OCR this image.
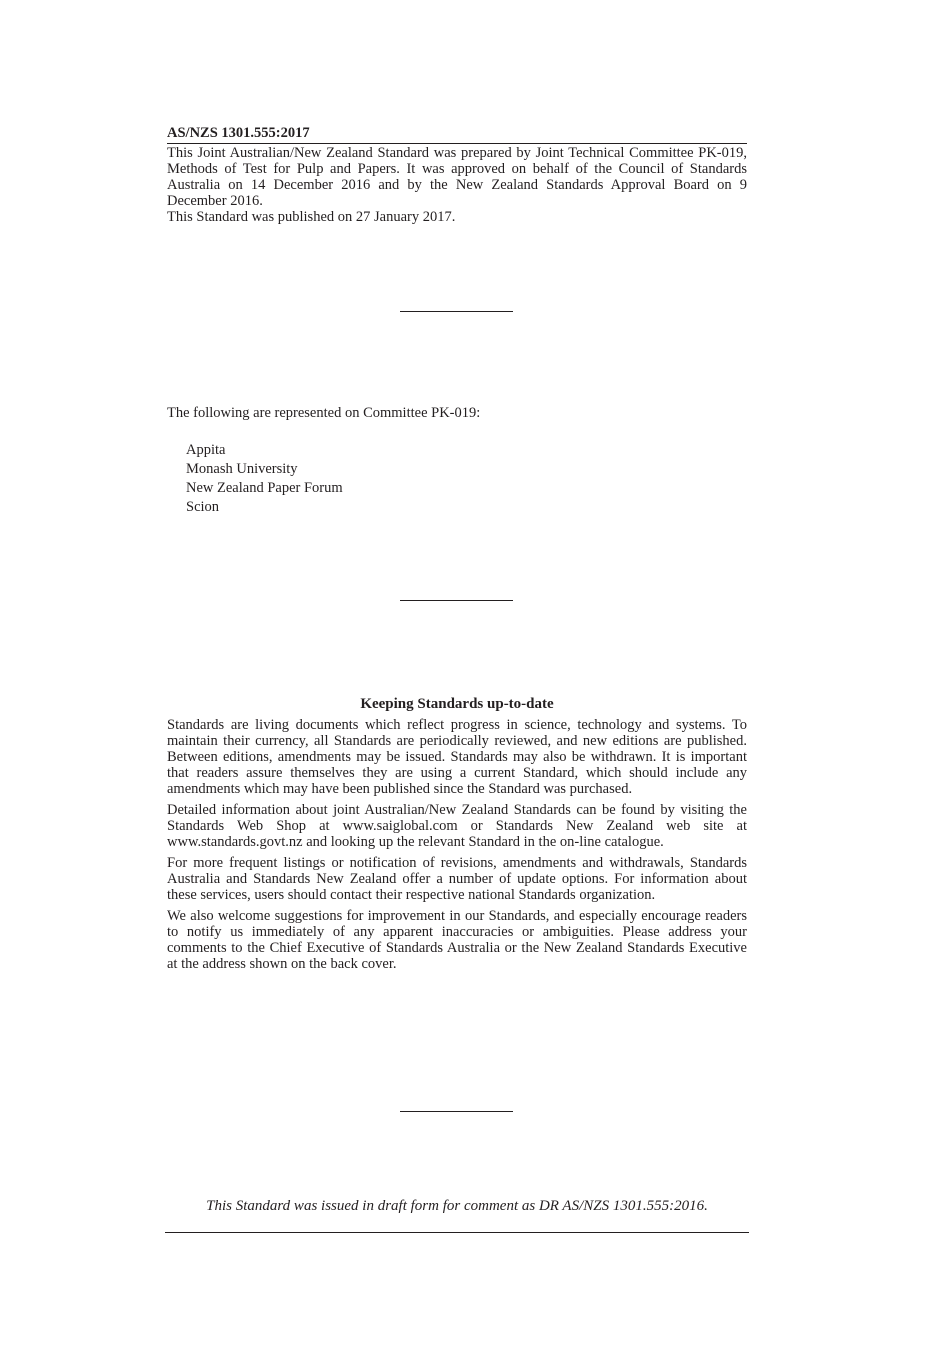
AS/NZS 1301.555:2017

This Joint Australian/New Zealand Standard was prepared by Joint Technical Committee PK-019, Methods of Test for Pulp and Papers. It was approved on behalf of the Council of Standards Australia on 14 December 2016 and by the New Zealand Standards Approval Board on 9 December 2016.

This Standard was published on 27 January 2017.

The following are represented on Committee PK-019:

Appita
Monash University
New Zealand Paper Forum
Scion
Keeping Standards up-to-date

Standards are living documents which reflect progress in science, technology and systems. To maintain their currency, all Standards are periodically reviewed, and new editions are published. Between editions, amendments may be issued. Standards may also be withdrawn. It is important that readers assure themselves they are using a current Standard, which should include any amendments which may have been published since the Standard was purchased.

Detailed information about joint Australian/New Zealand Standards can be found by visiting the Standards Web Shop at www.saiglobal.com or Standards New Zealand web site at www.standards.govt.nz and looking up the relevant Standard in the on-line catalogue.

For more frequent listings or notification of revisions, amendments and withdrawals, Standards Australia and Standards New Zealand offer a number of update options. For information about these services, users should contact their respective national Standards organization.

We also welcome suggestions for improvement in our Standards, and especially encourage readers to notify us immediately of any apparent inaccuracies or ambiguities. Please address your comments to the Chief Executive of Standards Australia or the New Zealand Standards Executive at the address shown on the back cover.

This Standard was issued in draft form for comment as DR AS/NZS 1301.555:2016.
